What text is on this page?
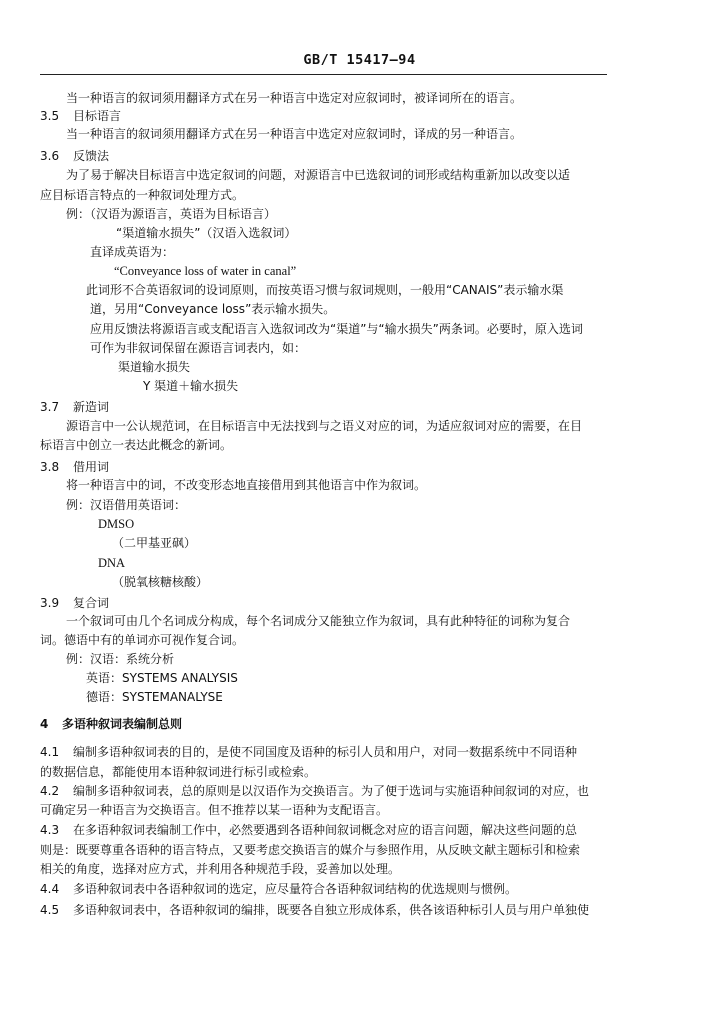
GB/T 15417—94
当一种语言的叙词须用翻译方式在另一种语言中选定对应叙词时，被译词所在的语言。
3.5 目标语言
当一种语言的叙词须用翻译方式在另一种语言中选定对应叙词时，译成的另一种语言。
3.6 反馈法
为了易于解决目标语言中选定叙词的问题，对源语言中已选叙词的词形或结构重新加以改变以适
应目标语言特点的一种叙词处理方式。
例：（汉语为源语言，英语为目标语言）
“渠道输水损失”（汉语入选叙词）
直译成英语为：
“Conveyance loss of water in canal”
此词形不合英语叙词的设词原则，而按英语习惯与叙词规则，一般用“CANAIS”表示输水渠
道，另用“Conveyance loss”表示输水损失。
应用反馈法将源语言或支配语言入选叙词改为“渠道”与“输水损失”两条词。必要时，原入选词
可作为非叙词保留在源语言词表内，如：
渠道输水损失
Y 渠道＋输水损失
3.7 新造词
源语言中一公认规范词，在目标语言中无法找到与之语义对应的词，为适应叙词对应的需要，在目
标语言中创立一表达此概念的新词。
3.8 借用词
将一种语言中的词，不改变形态地直接借用到其他语言中作为叙词。
例：汉语借用英语词：
DMSO
（二甲基亚砜）
DNA
（脱氧核糖核酸）
3.9 复合词
一个叙词可由几个名词成分构成，每个名词成分又能独立作为叙词，具有此种特征的词称为复合
词。德语中有的单词亦可视作复合词。
例：汉语：系统分析
英语：SYSTEMS ANALYSIS
德语：SYSTEMANALYSE
4 多语种叙词表编制总则
4.1 编制多语种叙词表的目的，是使不同国度及语种的标引人员和用户，对同一数据系统中不同语种
的数据信息，都能使用本语种叙词进行标引或检索。
4.2 编制多语种叙词表，总的原则是以汉语作为交换语言。为了便于选词与实施语种间叙词的对应，也
可确定另一种语言为交换语言。但不推荐以某一语种为支配语言。
4.3 在多语种叙词表编制工作中，必然要遇到各语种间叙词概念对应的语言问题，解决这些问题的总
则是：既要尊重各语种的语言特点，又要考虑交换语言的媒介与参照作用，从反映文献主题标引和检索
相关的角度，选择对应方式，并利用各种规范手段，妥善加以处理。
4.4 多语种叙词表中各语种叙词的选定，应尽量符合各语种叙词结构的优选规则与惯例。
4.5 多语种叙词表中，各语种叙词的编排，既要各自独立形成体系，供各该语种标引人员与用户单独使
